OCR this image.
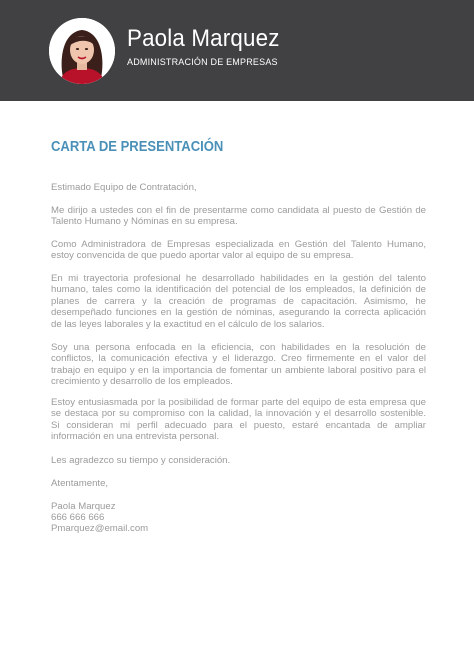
Paola Marquez
ADMINISTRACIÓN DE EMPRESAS
CARTA DE PRESENTACIÓN
Estimado Equipo de Contratación,
Me dirijo a ustedes con el fin de presentarme como candidata al puesto de Gestión de Talento Humano y Nóminas en su empresa.
Como Administradora de Empresas especializada en Gestión del Talento Humano, estoy convencida de que puedo aportar valor al equipo de su empresa.
En mi trayectoria profesional he desarrollado habilidades en la gestión del talento humano, tales como la identificación del potencial de los empleados, la definición de planes de carrera y la creación de programas de capacitación. Asimismo, he desempeñado funciones en la gestión de nóminas, asegurando la correcta aplicación de las leyes laborales y la exactitud en el cálculo de los salarios.
Soy una persona enfocada en la eficiencia, con habilidades en la resolución de conflictos, la comunicación efectiva y el liderazgo. Creo firmemente en el valor del trabajo en equipo y en la importancia de fomentar un ambiente laboral positivo para el crecimiento y desarrollo de los empleados.
Estoy entusiasmada por la posibilidad de formar parte del equipo de esta empresa que se destaca por su compromiso con la calidad, la innovación y el desarrollo sostenible. Si consideran mi perfil adecuado para el puesto, estaré encantada de ampliar información en una entrevista personal.
Les agradezco su tiempo y consideración.
Atentamente,
Paola Marquez
666 666 666
Pmarquez@email.com
